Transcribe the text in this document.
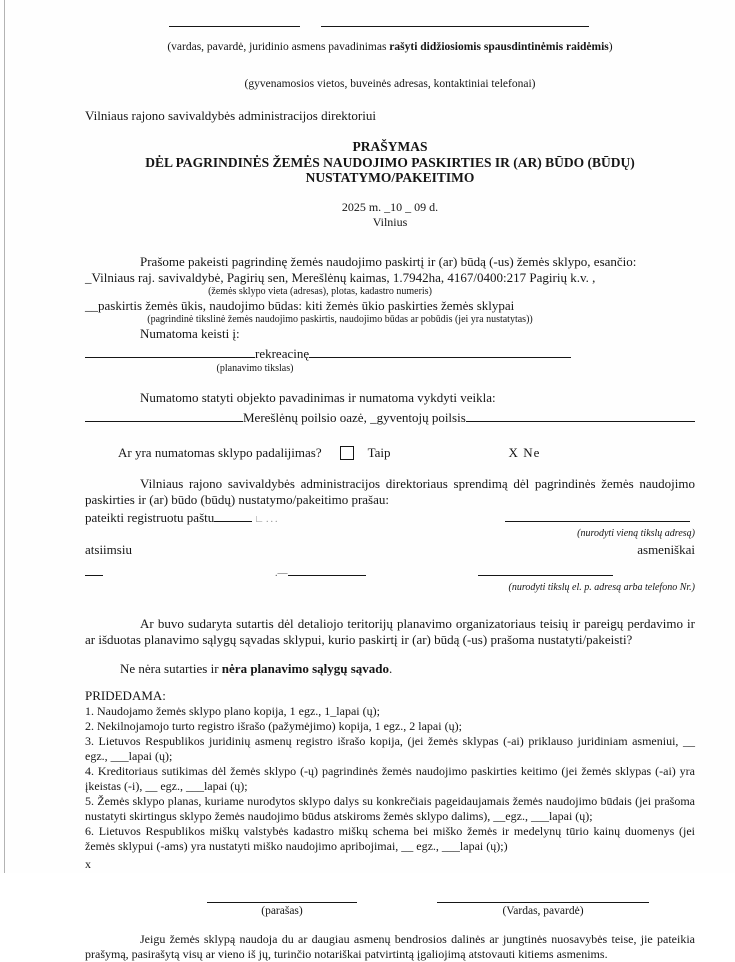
(vardas, pavardė, juridinio asmens pavadinimas rašyti didžiosiomis spausdintinėmis raidėmis)

(gyvenamosios vietos, buveinės adresas, kontaktiniai telefonai)

Vilniaus rajono savivaldybės administracijos direktoriui

PRAŠYMAS
DĖL PAGRINDINĖS ŽEMĖS NAUDOJIMO PASKIRTIES IR (AR) BŪDO (BŪDŲ)
NUSTATYMO/PAKEITIMO

2025 m. _10 _ 09 d.

Vilnius

Prašome pakeisti pagrindinę žemės naudojimo paskirtį ir (ar) būdą (-us) žemės sklypo, esančio:

_Vilniaus raj. savivaldybė, Pagirių sen, Merešlėnų kaimas, 1.7942ha, 4167/0400:217 Pagirių k.v. ,

(žemės sklypo vieta (adresas), plotas, kadastro numeris)

__paskirtis žemės ūkis, naudojimo būdas: kiti žemės ūkio paskirties žemės sklypai

(pagrindinė tikslinė žemės naudojimo paskirtis, naudojimo būdas ar pobūdis (jei yra nustatytas))

Numatoma keisti į:

rekreacinę

(planavimo tikslas)

Numatomo statyti objekto pavadinimas ir numatoma vykdyti veikla:

Merešlėnų poilsio oazė, _gyventojų poilsis
Ar yra numatomas sklypo padalijimas?	Taip	X Ne

Vilniaus rajono savivaldybės administracijos direktoriaus sprendimą dėl pagrindinės žemės naudojimo paskirties ir (ar) būdo (būdų) nustatymo/pakeitimo prašau:

pateikti registruotu paštu	∟...

(nurodyti vieną tikslų adresą)

atsiimsiu	asmeniškai
.—

(nurodyti tikslų el. p. adresą arba telefono Nr.)

Ar buvo sudaryta sutartis dėl detaliojo teritorijų planavimo organizatoriaus teisių ir pareigų perdavimo ir ar išduotas planavimo sąlygų sąvadas sklypui, kurio paskirtį ir (ar) būdą (-us) prašoma nustatyti/pakeisti?

Ne nėra sutarties ir nėra planavimo sąlygų sąvado.

PRIDEDAMA:

1. Naudojamo žemės sklypo plano kopija, 1 egz., 1_lapai (ų);

2. Nekilnojamojo turto registro išrašo (pažymėjimo) kopija, 1 egz., 2 lapai (ų);

3. Lietuvos Respublikos juridinių asmenų registro išrašo kopija, (jei žemės sklypas (-ai) priklauso juridiniam asmeniui, __ egz., ___lapai (ų);

4. Kreditoriaus sutikimas dėl žemės sklypo (-ų) pagrindinės žemės naudojimo paskirties keitimo (jei žemės sklypas (-ai) yra įkeistas (-i), __ egz., ___lapai (ų);

5. Žemės sklypo planas, kuriame nurodytos sklypo dalys su konkrečiais pageidaujamais žemės naudojimo būdais (jei prašoma nustatyti skirtingus sklypo žemės naudojimo būdus atskiroms žemės sklypo dalims), __egz., ___lapai (ų);

6. Lietuvos Respublikos miškų valstybės kadastro miškų schema bei miško žemės ir medelynų tūrio kainų duomenys (jei žemės sklypui (-ams) yra nustatyti miško naudojimo apribojimai, __ egz., ___lapai (ų);)

x

(parašas)	(Vardas, pavardė)

Jeigu žemės sklypą naudoja du ar daugiau asmenų bendrosios dalinės ar jungtinės nuosavybės teise, jie pateikia prašymą, pasirašytą visų ar vieno iš jų, turinčio notariškai patvirtintą įgaliojimą atstovauti kitiems asmenims.
